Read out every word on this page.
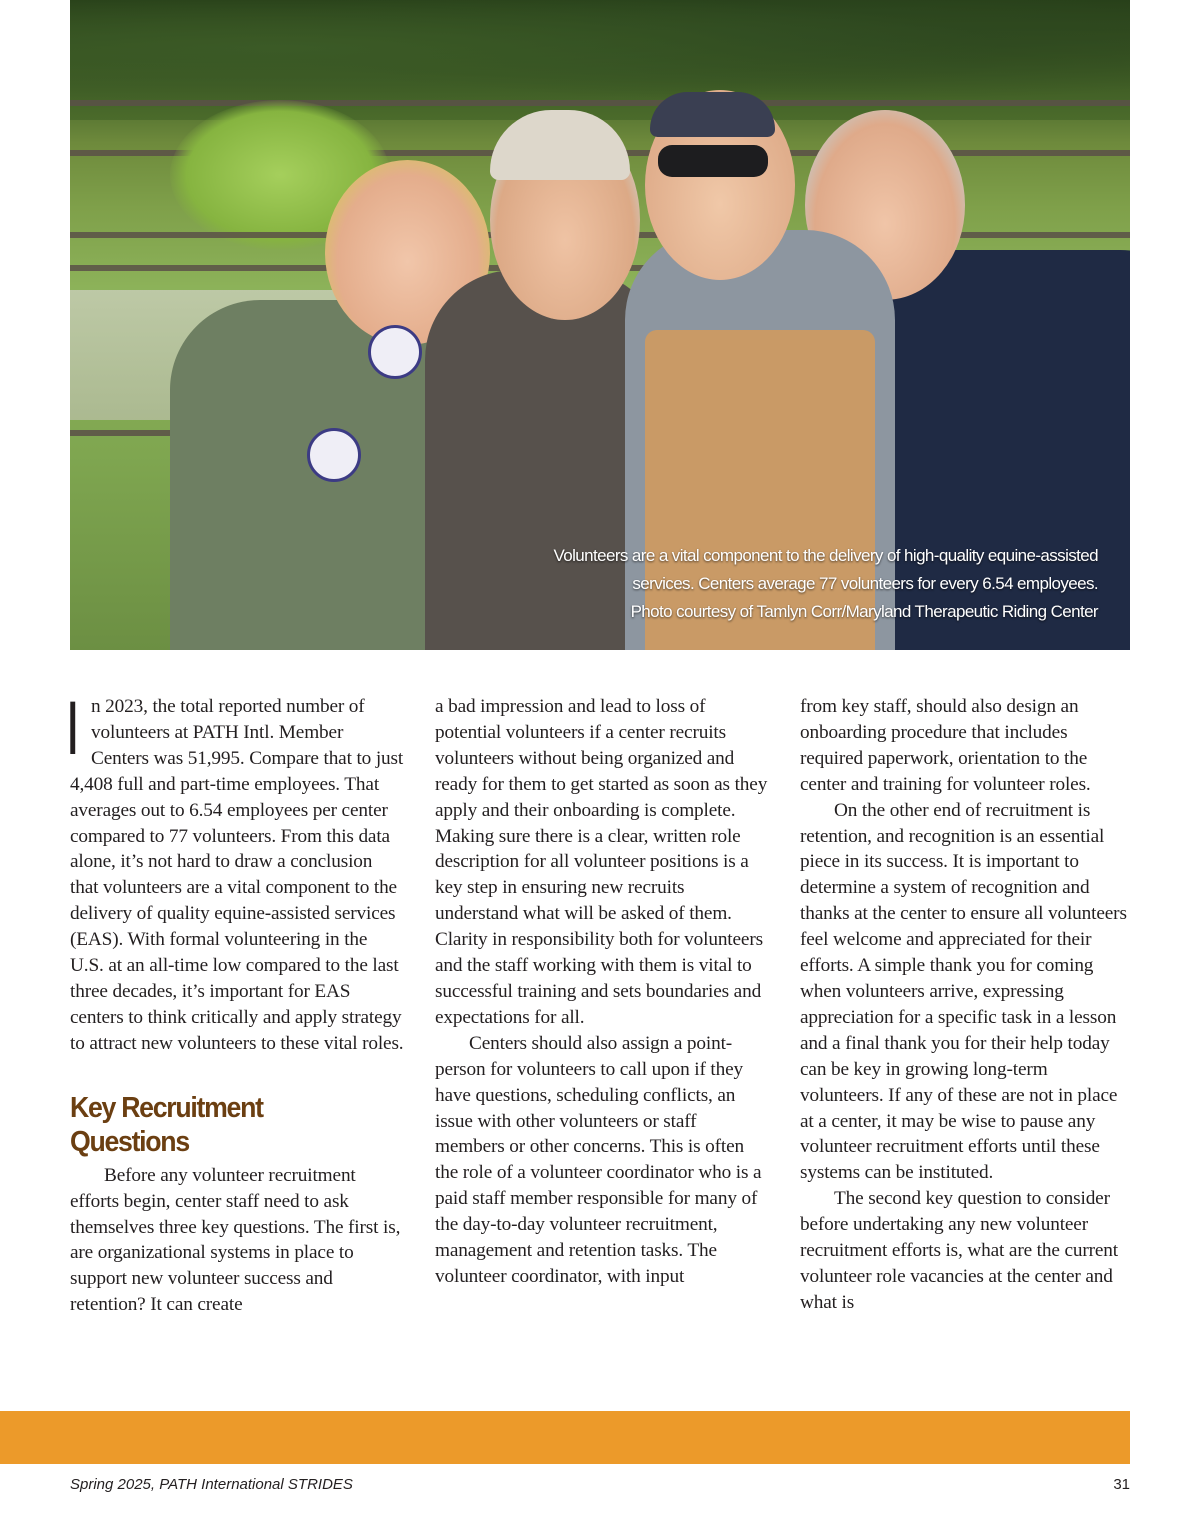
Volunteers are a vital component to the delivery of high-quality equine-assisted
services. Centers average 77 volunteers for every 6.54 employees.
Photo courtesy of Tamlyn Corr/Maryland Therapeutic Riding Center

In 2023, the total reported number of volunteers at PATH Intl. Member Centers was 51,995. Compare that to just 4,408 full and part-time employees. That averages out to 6.54 employees per center compared to 77 volunteers. From this data alone, it’s not hard to draw a conclusion that volunteers are a vital component to the delivery of quality equine-assisted services (EAS). With formal volunteering in the U.S. at an all-time low compared to the last three decades, it’s important for EAS centers to think critically and apply strategy to attract new volunteers to these vital roles.

Key Recruitment Questions

Before any volunteer recruitment efforts begin, center staff need to ask themselves three key questions. The first is, are organizational systems in place to support new volunteer success and retention? It can create

a bad impression and lead to loss of potential volunteers if a center recruits volunteers without being organized and ready for them to get started as soon as they apply and their onboarding is complete. Making sure there is a clear, written role description for all volunteer positions is a key step in ensuring new recruits understand what will be asked of them. Clarity in responsibility both for volunteers and the staff working with them is vital to successful training and sets boundaries and expectations for all.

Centers should also assign a point-person for volunteers to call upon if they have questions, scheduling conflicts, an issue with other volunteers or staff members or other concerns. This is often the role of a volunteer coordinator who is a paid staff member responsible for many of the day-to-day volunteer recruitment, management and retention tasks. The volunteer coordinator, with input

from key staff, should also design an onboarding procedure that includes required paperwork, orientation to the center and training for volunteer roles.

On the other end of recruitment is retention, and recognition is an essential piece in its success. It is important to determine a system of recognition and thanks at the center to ensure all volunteers feel welcome and appreciated for their efforts. A simple thank you for coming when volunteers arrive, expressing appreciation for a specific task in a lesson and a final thank you for their help today can be key in growing long-term volunteers. If any of these are not in place at a center, it may be wise to pause any volunteer recruitment efforts until these systems can be instituted.

The second key question to consider before undertaking any new volunteer recruitment efforts is, what are the current volunteer role vacancies at the center and what is

Spring 2025, PATH International STRIDES	31
